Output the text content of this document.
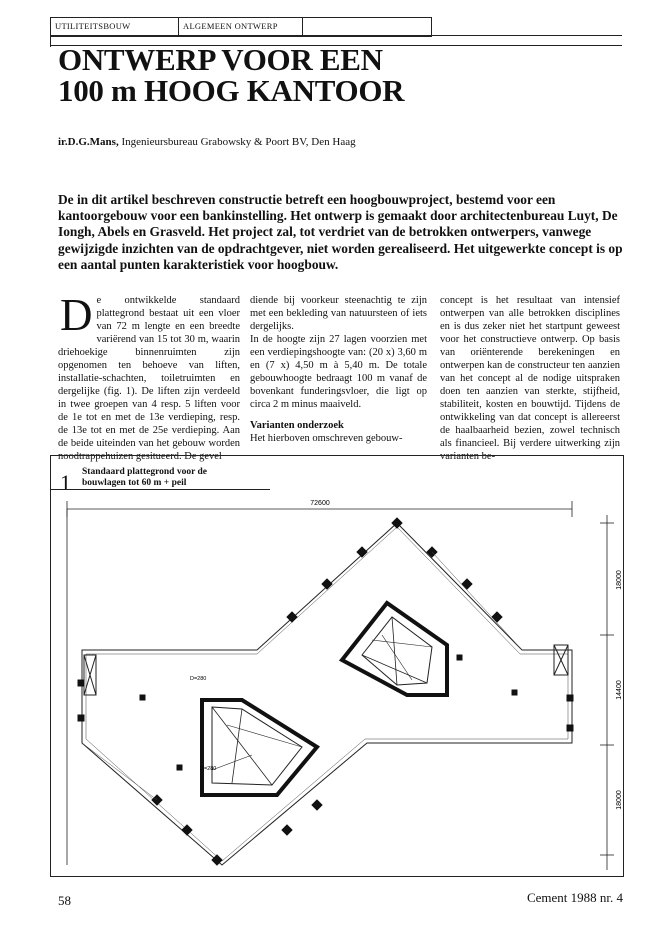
UTILITEITSBOUW	ALGEMEEN ONTWERP
ONTWERP VOOR EEN
100 m HOOG KANTOOR
ir.D.G.Mans, Ingenieursbureau Grabowsky & Poort BV, Den Haag

De in dit artikel beschreven constructie betreft een hoogbouwproject, bestemd voor een kantoorgebouw voor een bankinstelling. Het ontwerp is gemaakt door architectenbureau Luyt, De Iongh, Abels en Grasveld. Het project zal, tot verdriet van de betrokken ontwerpers, vanwege gewijzigde inzichten van de opdrachtgever, niet worden gerealiseerd. Het uitgewerkte concept is op een aantal punten karakteristiek voor hoogbouw.

De ontwikkelde standaard plattegrond bestaat uit een vloer van 72 m lengte en een breedte variërend van 15 tot 30 m, waarin driehoekige binnenruimten zijn opgenomen ten behoeve van liften, installatie-schachten, toiletruimten en dergelijke (fig. 1). De liften zijn verdeeld in twee groepen van 4 resp. 5 liften voor de 1e tot en met de 13e verdieping, resp. de 13e tot en met de 25e verdieping. Aan de beide uiteinden van het gebouw worden noodtrappehuizen gesitueerd. De gevel

diende bij voorkeur steenachtig te zijn met een bekleding van natuursteen of iets dergelijks.

In de hoogte zijn 27 lagen voorzien met een verdiepingshoogte van: (20 x) 3,60 m en (7 x) 4,50 m à 5,40 m. De totale gebouwhoogte bedraagt 100 m vanaf de bovenkant funderingsvloer, die ligt op circa 2 m minus maaiveld.

Varianten onderzoek

Het hierboven omschreven gebouw-

concept is het resultaat van intensief ontwerpen van alle betrokken disciplines en is dus zeker niet het startpunt geweest voor het constructieve ontwerp. Op basis van oriënterende berekeningen en ontwerpen kan de constructeur ten aanzien van het concept al de nodige uitspraken doen ten aanzien van sterkte, stijfheid, stabiliteit, kosten en bouwtijd. Tijdens de ontwikkeling van dat concept is allereerst de haalbaarheid bezien, zowel technisch als financieel. Bij verdere uitwerking zijn varianten be-

1 Standaard plattegrond voor de bouwlagen tot 60 m + peil
72600
18000
14400
18000
D=280
D=280
58	Cement 1988 nr. 4
